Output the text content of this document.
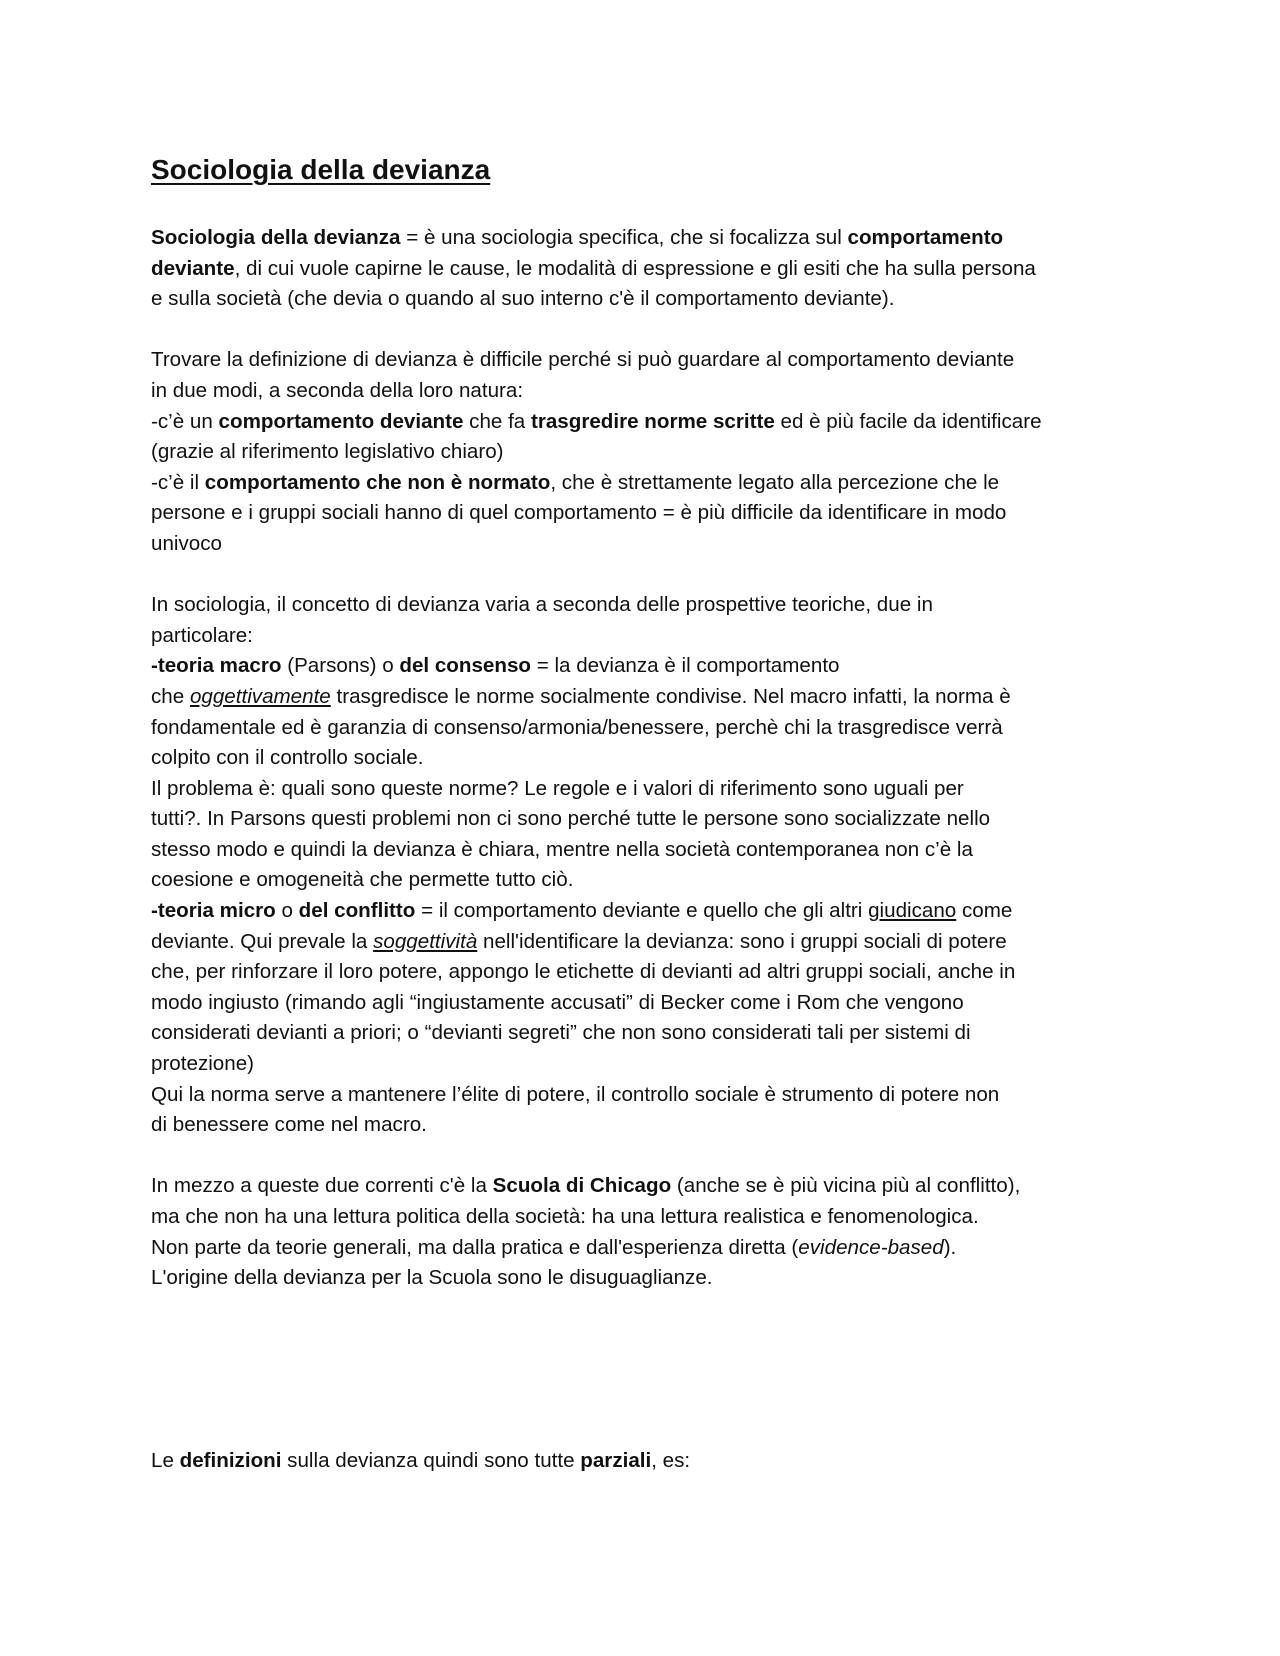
Sociologia della devianza
Sociologia della devianza = è una sociologia specifica, che si focalizza sul comportamento
deviante, di cui vuole capirne le cause, le modalità di espressione e gli esiti che ha sulla persona
e sulla società (che devia o quando al suo interno c'è il comportamento deviante).
Trovare la definizione di devianza è difficile perché si può guardare al comportamento deviante
in due modi, a seconda della loro natura:
-c’è un comportamento deviante che fa trasgredire norme scritte ed è più facile da identificare
(grazie al riferimento legislativo chiaro)
-c’è il comportamento che non è normato, che è strettamente legato alla percezione che le
persone e i gruppi sociali hanno di quel comportamento = è più difficile da identificare in modo
univoco
In sociologia, il concetto di devianza varia a seconda delle prospettive teoriche, due in
particolare:
-teoria macro (Parsons) o del consenso = la devianza è il comportamento
che oggettivamente trasgredisce le norme socialmente condivise. Nel macro infatti, la norma è
fondamentale ed è garanzia di consenso/armonia/benessere, perchè chi la trasgredisce verrà
colpito con il controllo sociale.
Il problema è: quali sono queste norme? Le regole e i valori di riferimento sono uguali per
tutti?. In Parsons questi problemi non ci sono perché tutte le persone sono socializzate nello
stesso modo e quindi la devianza è chiara, mentre nella società contemporanea non c’è la
coesione e omogeneità che permette tutto ciò.
-teoria micro o del conflitto = il comportamento deviante e quello che gli altri giudicano come
deviante. Qui prevale la soggettività nell'identificare la devianza: sono i gruppi sociali di potere
che, per rinforzare il loro potere, appongo le etichette di devianti ad altri gruppi sociali, anche in
modo ingiusto (rimando agli “ingiustamente accusati” di Becker come i Rom che vengono
considerati devianti a priori; o “devianti segreti” che non sono considerati tali per sistemi di
protezione)
Qui la norma serve a mantenere l’élite di potere, il controllo sociale è strumento di potere non
di benessere come nel macro.
In mezzo a queste due correnti c'è la Scuola di Chicago (anche se è più vicina più al conflitto),
ma che non ha una lettura politica della società: ha una lettura realistica e fenomenologica.
Non parte da teorie generali, ma dalla pratica e dall'esperienza diretta (evidence-based).
L'origine della devianza per la Scuola sono le disuguaglianze.
Le definizioni sulla devianza quindi sono tutte parziali, es:
